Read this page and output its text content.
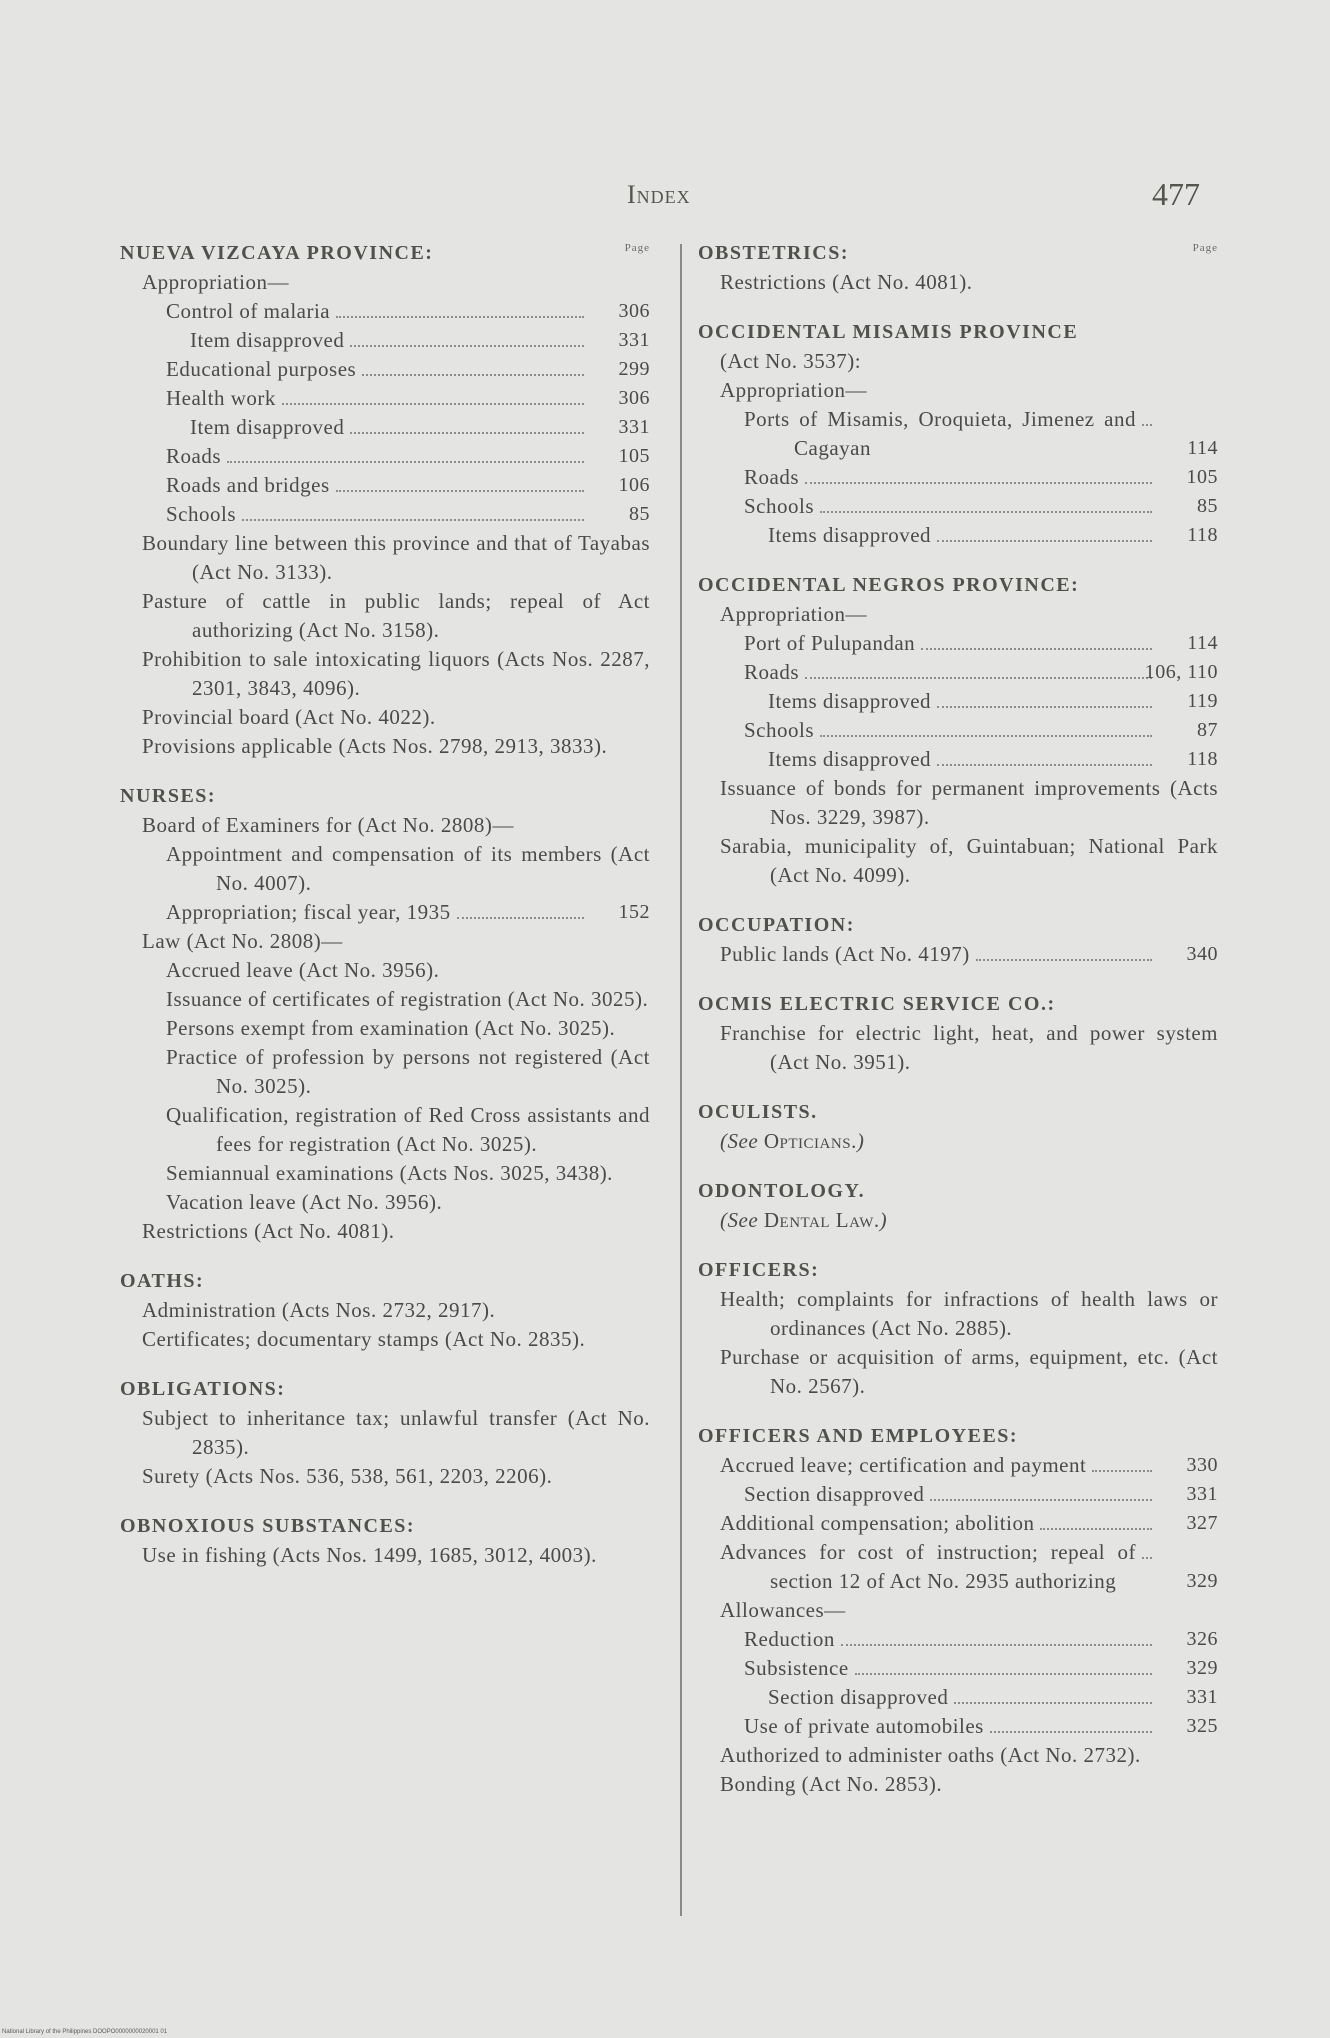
Index	477
NUEVA VIZCAYA PROVINCE:	Page
Appropriation—
Control of malaria	306
Item disapproved	331
Educational purposes	299
Health work	306
Item disapproved	331
Roads	105
Roads and bridges	106
Schools	85
Boundary line between this province and that of Tayabas (Act No. 3133).
Pasture of cattle in public lands; repeal of Act authorizing (Act No. 3158).
Prohibition to sale intoxicating liquors (Acts Nos. 2287, 2301, 3843, 4096).
Provincial board (Act No. 4022).
Provisions applicable (Acts Nos. 2798, 2913, 3833).
NURSES:
Board of Examiners for (Act No. 2808)—
Appointment and compensation of its members (Act No. 4007).
Appropriation; fiscal year, 1935	152
Law (Act No. 2808)—
Accrued leave (Act No. 3956).
Issuance of certificates of registration (Act No. 3025).
Persons exempt from examination (Act No. 3025).
Practice of profession by persons not registered (Act No. 3025).
Qualification, registration of Red Cross assistants and fees for registration (Act No. 3025).
Semiannual examinations (Acts Nos. 3025, 3438).
Vacation leave (Act No. 3956).
Restrictions (Act No. 4081).
OATHS:
Administration (Acts Nos. 2732, 2917).
Certificates; documentary stamps (Act No. 2835).
OBLIGATIONS:
Subject to inheritance tax; unlawful transfer (Act No. 2835).
Surety (Acts Nos. 536, 538, 561, 2203, 2206).
OBNOXIOUS SUBSTANCES:
Use in fishing (Acts Nos. 1499, 1685, 3012, 4003).
OBSTETRICS:	Page
Restrictions (Act No. 4081).
OCCIDENTAL MISAMIS PROVINCE
(Act No. 3537):
Appropriation—
Ports of Misamis, Oroquieta, Jimenez and Cagayan	114
Roads	105
Schools	85
Items disapproved	118
OCCIDENTAL NEGROS PROVINCE:
Appropriation—
Port of Pulupandan	114
Roads	106, 110
Items disapproved	119
Schools	87
Items disapproved	118
Issuance of bonds for permanent improvements (Acts Nos. 3229, 3987).
Sarabia, municipality of, Guintabuan; National Park (Act No. 4099).
OCCUPATION:
Public lands (Act No. 4197)	340
OCMIS ELECTRIC SERVICE CO.:
Franchise for electric light, heat, and power system (Act No. 3951).
OCULISTS.
(See Opticians.)
ODONTOLOGY.
(See Dental Law.)
OFFICERS:
Health; complaints for infractions of health laws or ordinances (Act No. 2885).
Purchase or acquisition of arms, equipment, etc. (Act No. 2567).
OFFICERS AND EMPLOYEES:
Accrued leave; certification and payment	330
Section disapproved	331
Additional compensation; abolition	327
Advances for cost of instruction; repeal of section 12 of Act No. 2935 authorizing	329
Allowances—
Reduction	326
Subsistence	329
Section disapproved	331
Use of private automobiles	325
Authorized to administer oaths (Act No. 2732).
Bonding (Act No. 2853).
National Library of the Philippines DOOPO0000000020001 01
